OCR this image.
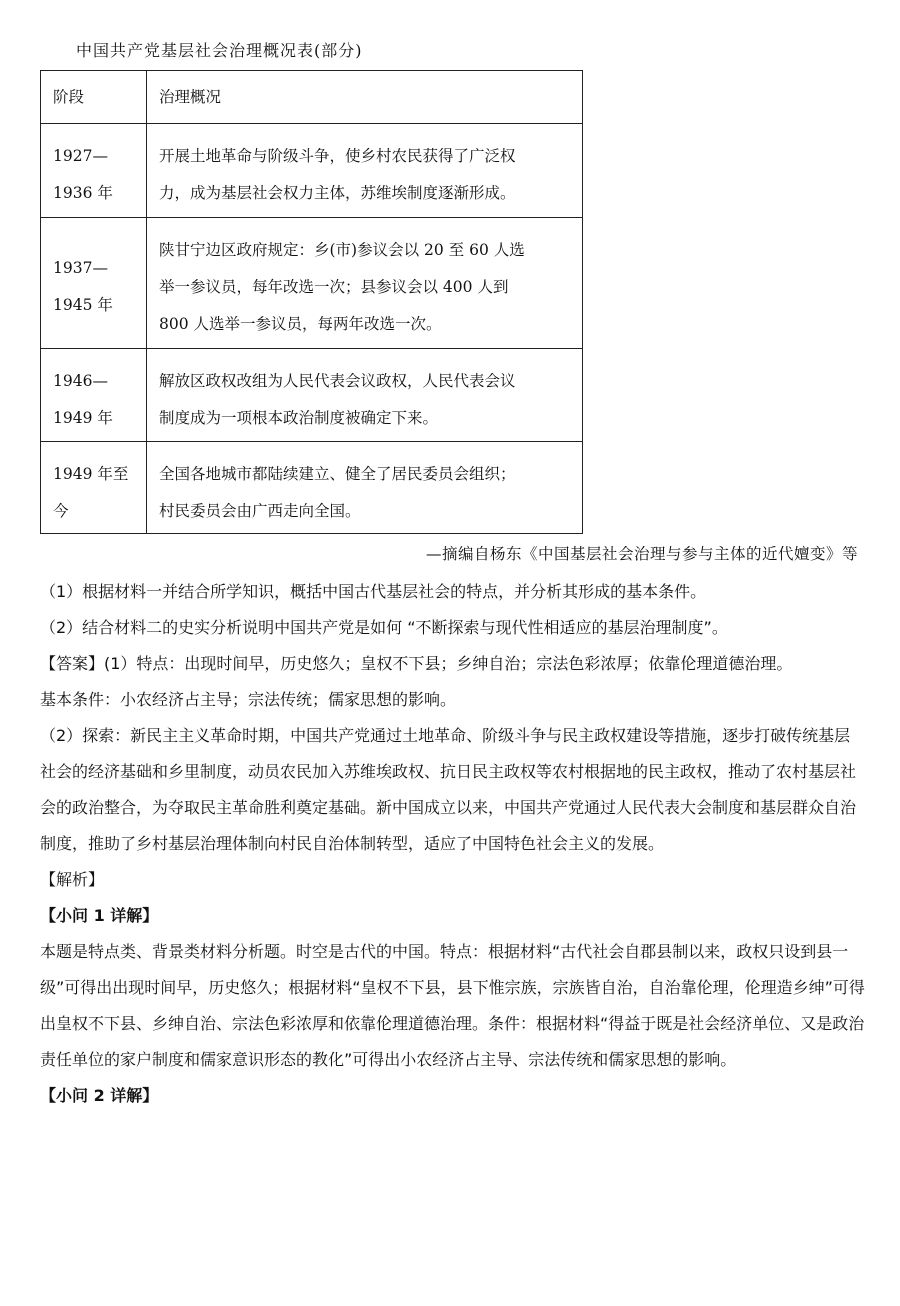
中国共产党基层社会治理概况表(部分)
阶段	治理概况

1927—
1936 年	开展土地革命与阶级斗争，使乡村农民获得了广泛权
力，成为基层社会权力主体，苏维埃制度逐渐形成。

1937—
1945 年	陕甘宁边区政府规定：乡(市)参议会以 20 至 60 人选
举一参议员，每年改选一次；县参议会以 400 人到
800 人选举一参议员，每两年改选一次。

1946—
1949 年	解放区政权改组为人民代表会议政权，人民代表会议
制度成为一项根本政治制度被确定下来。

1949 年至
今	全国各地城市都陆续建立、健全了居民委员会组织；
村民委员会由广西走向全国。
—摘编自杨东《中国基层社会治理与参与主体的近代嬗变》等

（1）根据材料一并结合所学知识，概括中国古代基层社会的特点，并分析其形成的基本条件。

（2）结合材料二的史实分析说明中国共产党是如何 “不断探索与现代性相适应的基层治理制度”。

【答案】(1）特点：出现时间早，历史悠久；皇权不下县；乡绅自治；宗法色彩浓厚；依靠伦理道德治理。

基本条件：小农经济占主导；宗法传统；儒家思想的影响。

（2）探索：新民主主义革命时期，中国共产党通过土地革命、阶级斗争与民主政权建设等措施，逐步打破传统基层社会的经济基础和乡里制度，动员农民加入苏维埃政权、抗日民主政权等农村根据地的民主政权，推动了农村基层社会的政治整合，为夺取民主革命胜利奠定基础。新中国成立以来，中国共产党通过人民代表大会制度和基层群众自治制度，推助了乡村基层治理体制向村民自治体制转型，适应了中国特色社会主义的发展。

【解析】

【小问 1 详解】

本题是特点类、背景类材料分析题。时空是古代的中国。特点：根据材料“古代社会自郡县制以来，政权只设到县一级”可得出出现时间早，历史悠久；根据材料“皇权不下县，县下惟宗族，宗族皆自治，自治靠伦理，伦理造乡绅”可得出皇权不下县、乡绅自治、宗法色彩浓厚和依靠伦理道德治理。条件：根据材料“得益于既是社会经济单位、又是政治责任单位的家户制度和儒家意识形态的教化”可得出小农经济占主导、宗法传统和儒家思想的影响。

【小问 2 详解】
